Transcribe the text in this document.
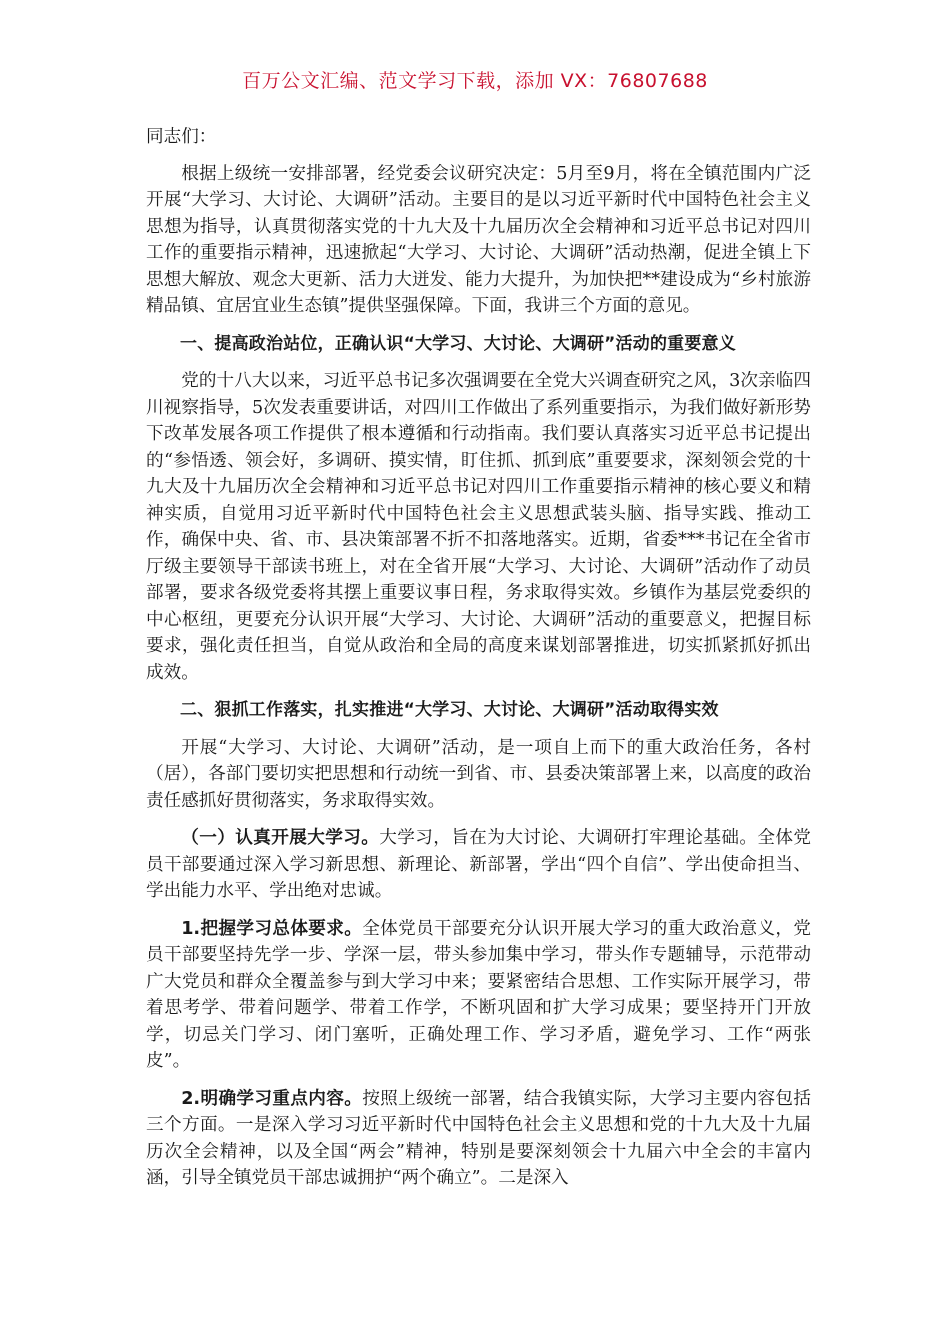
百万公文汇编、范文学习下载，添加 VX：76807688

同志们：

根据上级统一安排部署，经党委会议研究决定：5月至9月，将在全镇范围内广泛开展“大学习、大讨论、大调研”活动。主要目的是以习近平新时代中国特色社会主义思想为指导，认真贯彻落实党的十九大及十九届历次全会精神和习近平总书记对四川工作的重要指示精神，迅速掀起“大学习、大讨论、大调研”活动热潮，促进全镇上下思想大解放、观念大更新、活力大迸发、能力大提升，为加快把**建设成为“乡村旅游精品镇、宜居宜业生态镇”提供坚强保障。下面，我讲三个方面的意见。

一、提高政治站位，正确认识“大学习、大讨论、大调研”活动的重要意义

党的十八大以来，习近平总书记多次强调要在全党大兴调查研究之风，3次亲临四川视察指导，5次发表重要讲话，对四川工作做出了系列重要指示，为我们做好新形势下改革发展各项工作提供了根本遵循和行动指南。我们要认真落实习近平总书记提出的“参悟透、领会好，多调研、摸实情，盯住抓、抓到底”重要要求，深刻领会党的十九大及十九届历次全会精神和习近平总书记对四川工作重要指示精神的核心要义和精神实质，自觉用习近平新时代中国特色社会主义思想武装头脑、指导实践、推动工作，确保中央、省、市、县决策部署不折不扣落地落实。近期，省委***书记在全省市厅级主要领导干部读书班上，对在全省开展“大学习、大讨论、大调研”活动作了动员部署，要求各级党委将其摆上重要议事日程，务求取得实效。乡镇作为基层党委织的中心枢纽，更要充分认识开展“大学习、大讨论、大调研”活动的重要意义，把握目标要求，强化责任担当，自觉从政治和全局的高度来谋划部署推进，切实抓紧抓好抓出成效。

二、狠抓工作落实，扎实推进“大学习、大讨论、大调研”活动取得实效

开展“大学习、大讨论、大调研”活动，是一项自上而下的重大政治任务，各村（居），各部门要切实把思想和行动统一到省、市、县委决策部署上来，以高度的政治责任感抓好贯彻落实，务求取得实效。

（一）认真开展大学习。大学习，旨在为大讨论、大调研打牢理论基础。全体党员干部要通过深入学习新思想、新理论、新部署，学出“四个自信”、学出使命担当、学出能力水平、学出绝对忠诚。

1.把握学习总体要求。全体党员干部要充分认识开展大学习的重大政治意义，党员干部要坚持先学一步、学深一层，带头参加集中学习，带头作专题辅导，示范带动广大党员和群众全覆盖参与到大学习中来；要紧密结合思想、工作实际开展学习，带着思考学、带着问题学、带着工作学，不断巩固和扩大学习成果；要坚持开门开放学，切忌关门学习、闭门塞听，正确处理工作、学习矛盾，避免学习、工作“两张皮”。

2.明确学习重点内容。按照上级统一部署，结合我镇实际，大学习主要内容包括三个方面。一是深入学习习近平新时代中国特色社会主义思想和党的十九大及十九届历次全会精神，以及全国“两会”精神，特别是要深刻领会十九届六中全会的丰富内涵，引导全镇党员干部忠诚拥护“两个确立”。二是深入
